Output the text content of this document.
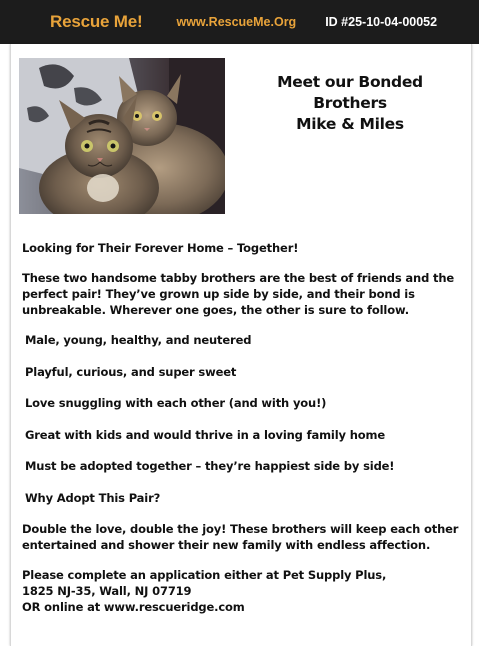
Rescue Me!	www.RescueMe.Org ID #25-10-04-00052
Meet our Bonded
Brothers
Mike & Miles

Looking for Their Forever Home – Together!

These two handsome tabby brothers are the best of friends and the perfect pair! They’ve grown up side by side, and their bond is unbreakable. Wherever one goes, the other is sure to follow.

Male, young, healthy, and neutered
Playful, curious, and super sweet
Love snuggling with each other (and with you!)
Great with kids and would thrive in a loving family home
Must be adopted together – they’re happiest side by side!
Why Adopt This Pair?

Double the love, double the joy! These brothers will keep each other entertained and shower their new family with endless affection.

Please complete an application either at Pet Supply Plus,

1825 NJ-35, Wall, NJ 07719

OR online at www.rescueridge.com
